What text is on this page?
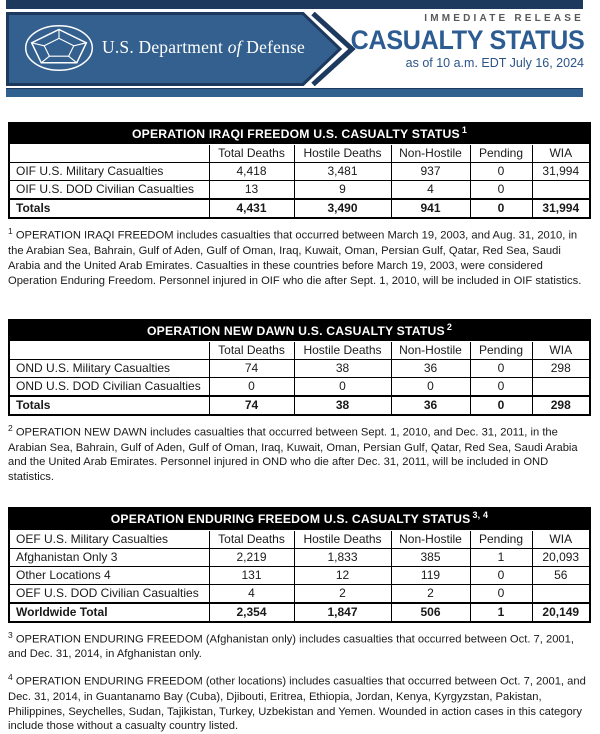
U.S. Department of Defense
IMMEDIATE RELEASE
CASUALTY STATUS
as of 10 a.m. EDT July 16, 2024
OPERATION IRAQI FREEDOM U.S. CASUALTY STATUS $^1$
	Total Deaths	Hostile Deaths	Non-Hostile	Pending	WIA
OIF U.S. Military Casualties	4,418	3,481	937	0	31,994
OIF U.S. DOD Civilian Casualties	13	9	4	0	
Totals	4,431	3,490	941	0	31,994

$^1$ OPERATION IRAQI FREEDOM includes casualties that occurred between March 19, 2003, and Aug. 31, 2010, in the Arabian Sea, Bahrain, Gulf of Aden, Gulf of Oman, Iraq, Kuwait, Oman, Persian Gulf, Qatar, Red Sea, Saudi Arabia and the United Arab Emirates. Casualties in these countries before March 19, 2003, were considered Operation Enduring Freedom. Personnel injured in OIF who die after Sept. 1, 2010, will be included in OIF statistics.

OPERATION NEW DAWN U.S. CASUALTY STATUS $^2$
	Total Deaths	Hostile Deaths	Non-Hostile	Pending	WIA
OND U.S. Military Casualties	74	38	36	0	298
OND U.S. DOD Civilian Casualties	0	0	0	0	
Totals	74	38	36	0	298

$^2$ OPERATION NEW DAWN includes casualties that occurred between Sept. 1, 2010, and Dec. 31, 2011, in the Arabian Sea, Bahrain, Gulf of Aden, Gulf of Oman, Iraq, Kuwait, Oman, Persian Gulf, Qatar, Red Sea, Saudi Arabia and the United Arab Emirates. Personnel injured in OND who die after Dec. 31, 2011, will be included in OND statistics.

OPERATION ENDURING FREEDOM U.S. CASUALTY STATUS $^{3, 4}$
OEF U.S. Military Casualties	Total Deaths	Hostile Deaths	Non-Hostile	Pending	WIA
Afghanistan Only 3	2,219	1,833	385	1	20,093
Other Locations 4	131	12	119	0	56
OEF U.S. DOD Civilian Casualties	4	2	2	0	
Worldwide Total	2,354	1,847	506	1	20,149

$^3$ OPERATION ENDURING FREEDOM (Afghanistan only) includes casualties that occurred between Oct. 7, 2001, and Dec. 31, 2014, in Afghanistan only.

$^4$ OPERATION ENDURING FREEDOM (other locations) includes casualties that occurred between Oct. 7, 2001, and Dec. 31, 2014, in Guantanamo Bay (Cuba), Djibouti, Eritrea, Ethiopia, Jordan, Kenya, Kyrgyzstan, Pakistan, Philippines, Seychelles, Sudan, Tajikistan, Turkey, Uzbekistan and Yemen. Wounded in action cases in this category include those without a casualty country listed.
